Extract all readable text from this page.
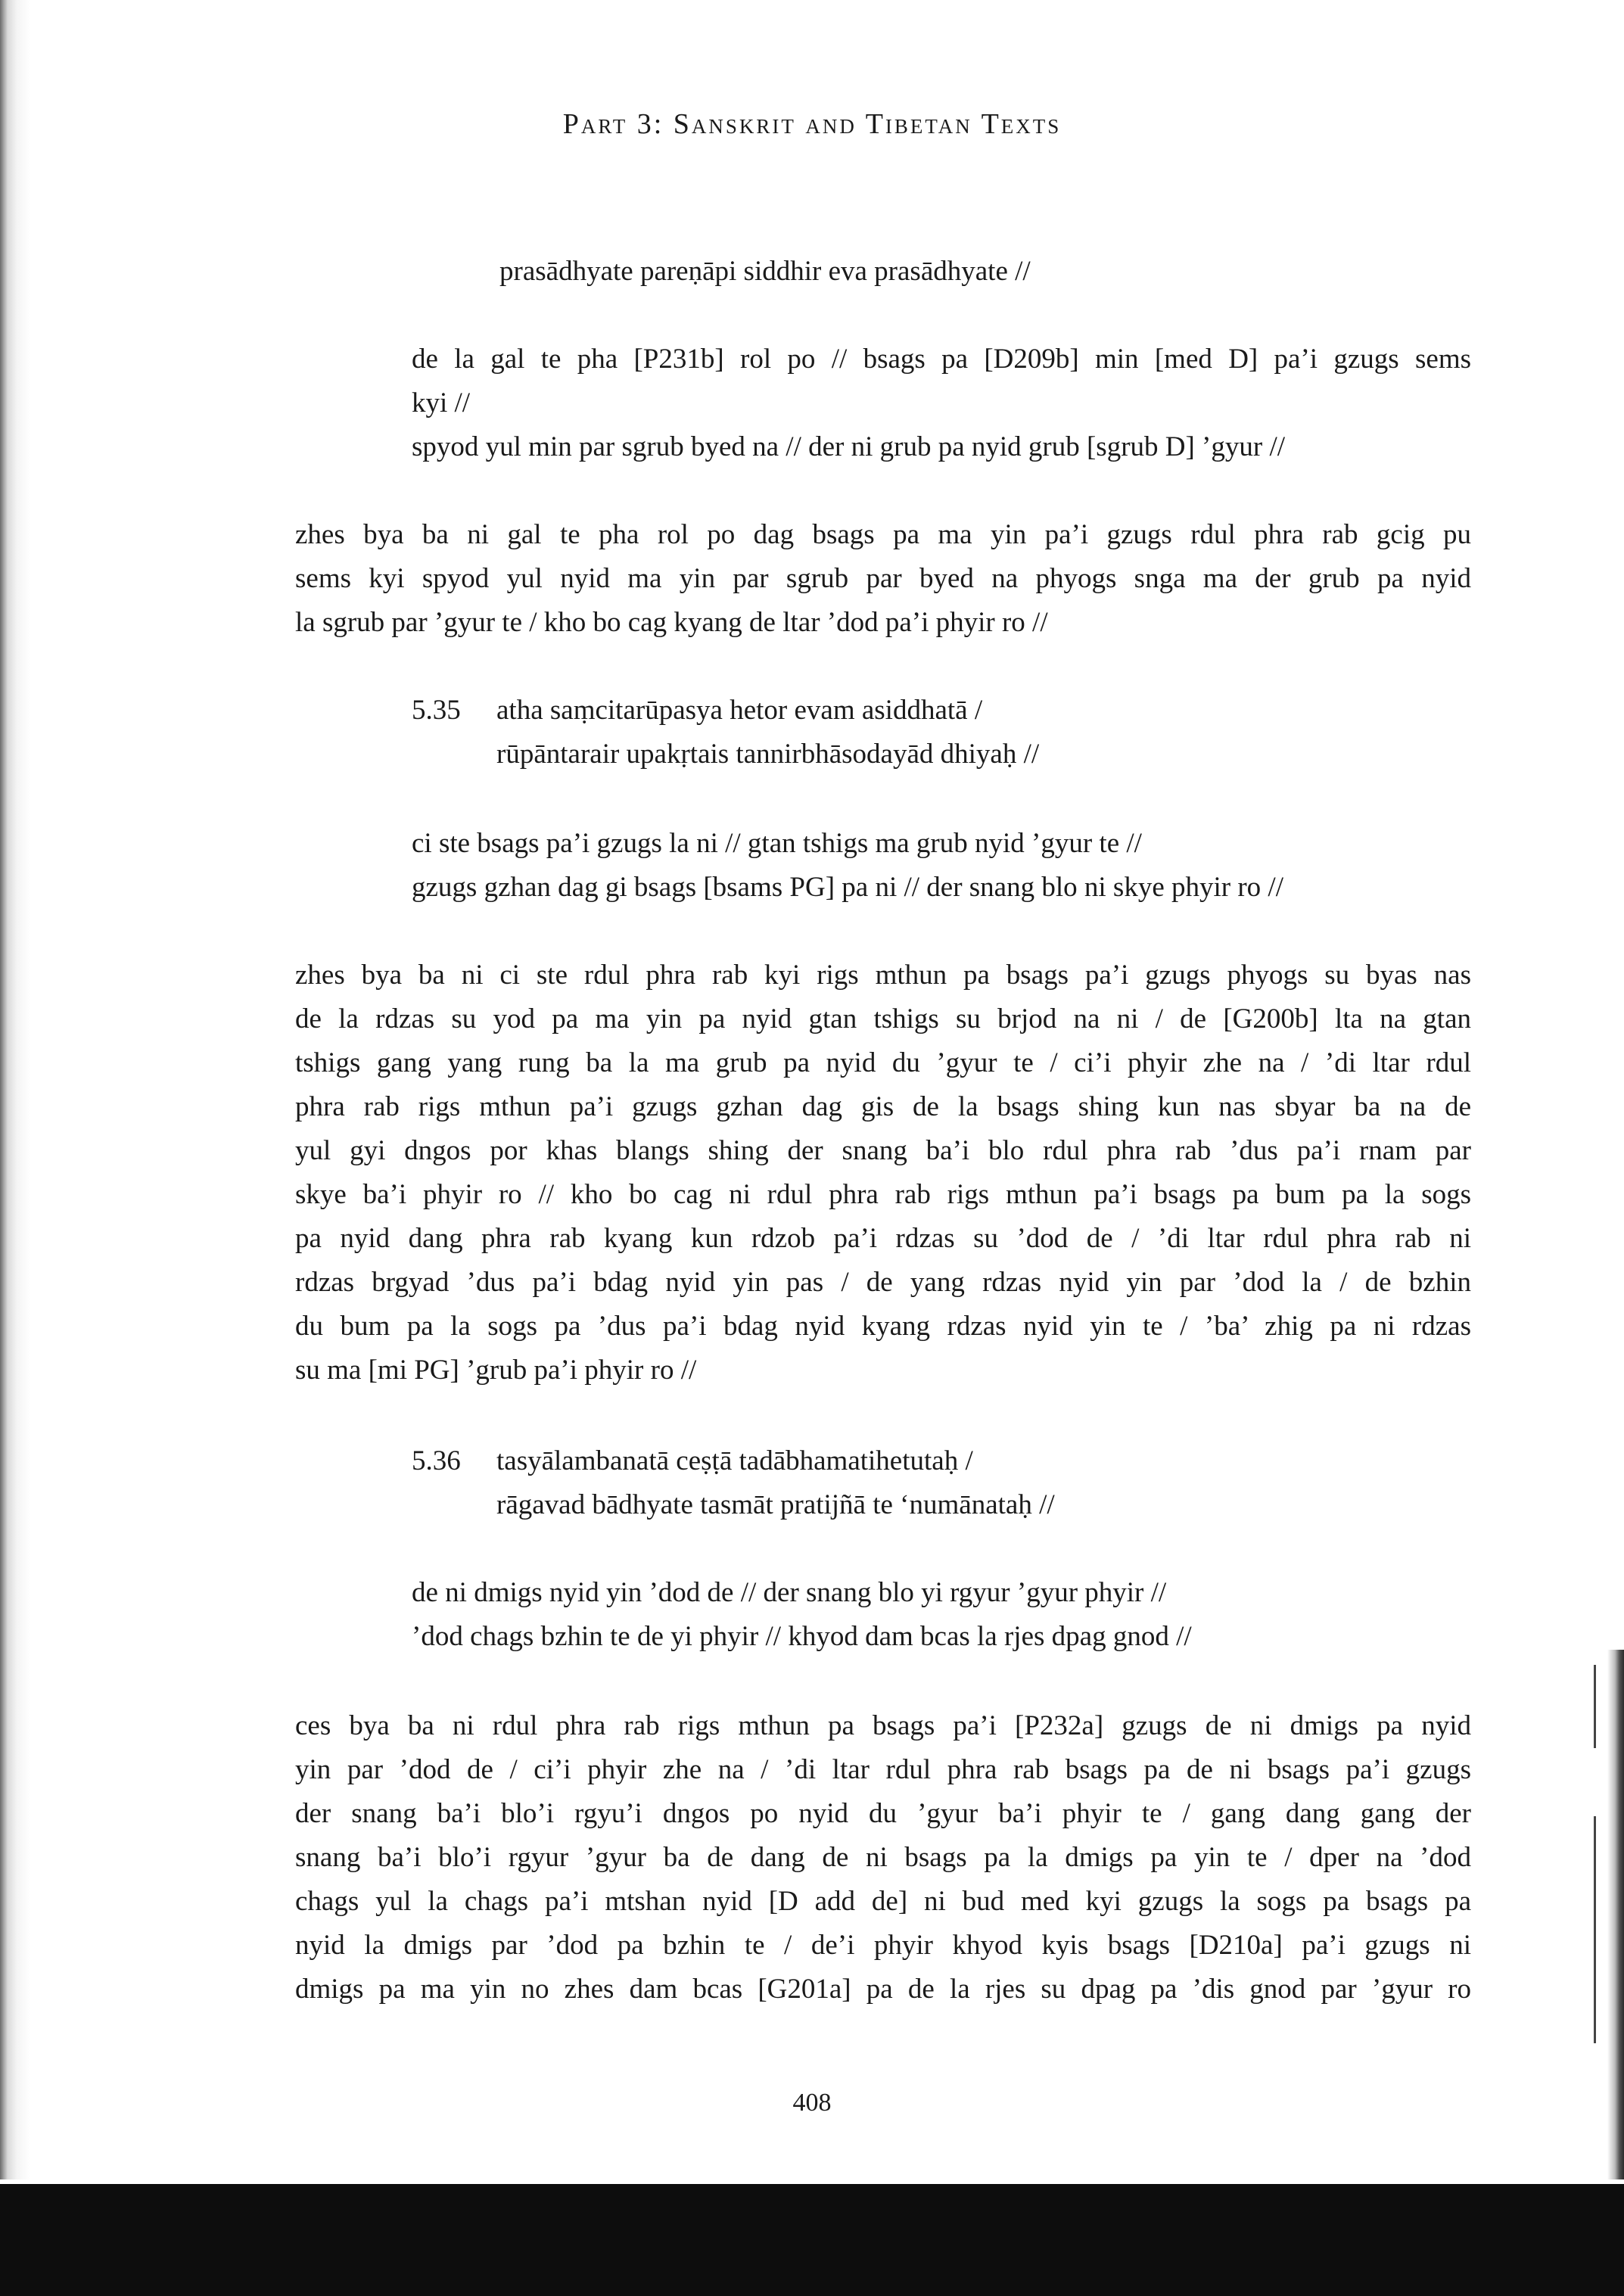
Part 3: Sanskrit and Tibetan Texts
prasādhyate pareṇāpi siddhir eva prasādhyate //
de la gal te pha [P231b] rol po // bsags pa [D209b] min [med D] pa’i gzugs sems
kyi //
spyod yul min par sgrub byed na // der ni grub pa nyid grub [sgrub D] ’gyur //
zhes bya ba ni gal te pha rol po dag bsags pa ma yin pa’i gzugs rdul phra rab gcig pu
sems kyi spyod yul nyid ma yin par sgrub par byed na phyogs snga ma der grub pa nyid
la sgrub par ’gyur te / kho bo cag kyang de ltar ’dod pa’i phyir ro //
5.35 atha saṃcitarūpasya hetor evam asiddhatā /
rūpāntarair upakṛtais tannirbhāsodayād dhiyaḥ //
ci ste bsags pa’i gzugs la ni // gtan tshigs ma grub nyid ’gyur te //
gzugs gzhan dag gi bsags [bsams PG] pa ni // der snang blo ni skye phyir ro //
zhes bya ba ni ci ste rdul phra rab kyi rigs mthun pa bsags pa’i gzugs phyogs su byas nas
de la rdzas su yod pa ma yin pa nyid gtan tshigs su brjod na ni / de [G200b] lta na gtan
tshigs gang yang rung ba la ma grub pa nyid du ’gyur te / ci’i phyir zhe na / ’di ltar rdul
phra rab rigs mthun pa’i gzugs gzhan dag gis de la bsags shing kun nas sbyar ba na de
yul gyi dngos por khas blangs shing der snang ba’i blo rdul phra rab ’dus pa’i rnam par
skye ba’i phyir ro // kho bo cag ni rdul phra rab rigs mthun pa’i bsags pa bum pa la sogs
pa nyid dang phra rab kyang kun rdzob pa’i rdzas su ’dod de / ’di ltar rdul phra rab ni
rdzas brgyad ’dus pa’i bdag nyid yin pas / de yang rdzas nyid yin par ’dod la / de bzhin
du bum pa la sogs pa ’dus pa’i bdag nyid kyang rdzas nyid yin te / ’ba’ zhig pa ni rdzas
su ma [mi PG] ’grub pa’i phyir ro //
5.36 tasyālambanatā ceṣṭā tadābhamatihetutaḥ /
rāgavad bādhyate tasmāt pratijñā te ‘numānataḥ //
de ni dmigs nyid yin ’dod de // der snang blo yi rgyur ’gyur phyir //
’dod chags bzhin te de yi phyir // khyod dam bcas la rjes dpag gnod //
ces bya ba ni rdul phra rab rigs mthun pa bsags pa’i [P232a] gzugs de ni dmigs pa nyid
yin par ’dod de / ci’i phyir zhe na / ’di ltar rdul phra rab bsags pa de ni bsags pa’i gzugs
der snang ba’i blo’i rgyu’i dngos po nyid du ’gyur ba’i phyir te / gang dang gang der
snang ba’i blo’i rgyur ’gyur ba de dang de ni bsags pa la dmigs pa yin te / dper na ’dod
chags yul la chags pa’i mtshan nyid [D add de] ni bud med kyi gzugs la sogs pa bsags pa
nyid la dmigs par ’dod pa bzhin te / de’i phyir khyod kyis bsags [D210a] pa’i gzugs ni
dmigs pa ma yin no zhes dam bcas [G201a] pa de la rjes su dpag pa ’dis gnod par ’gyur ro
408
